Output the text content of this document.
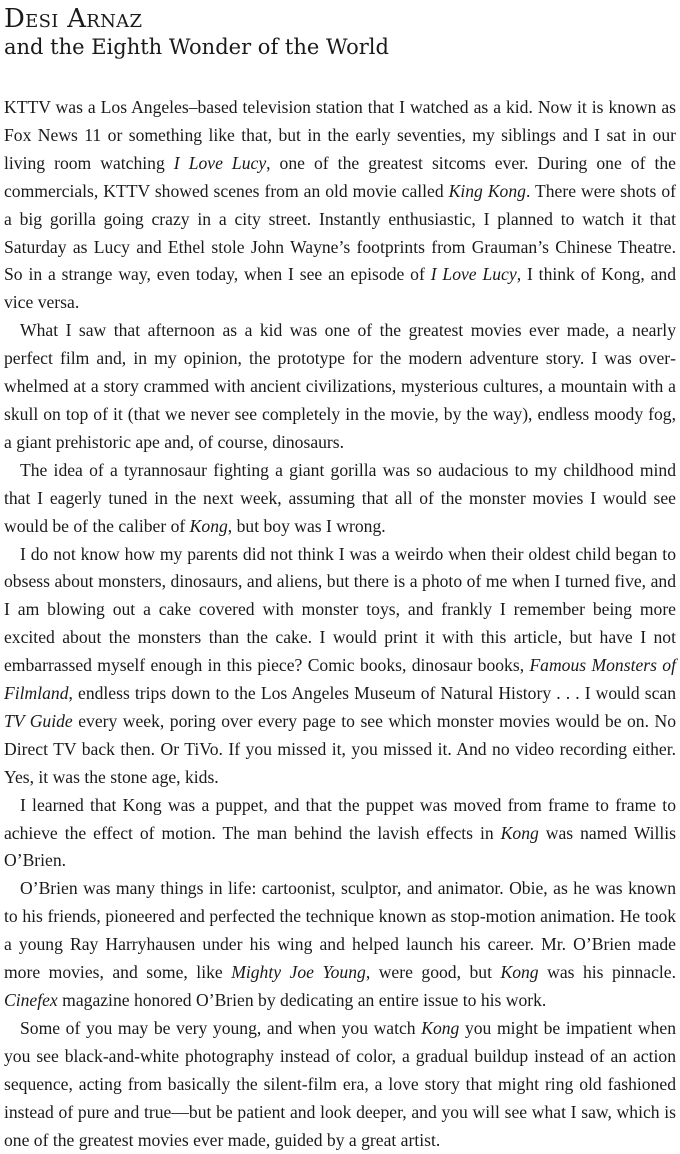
Desi Arnaz
and the Eighth Wonder of the World

KTTV was a Los Angeles–based television station that I watched as a kid. Now it is known as Fox News 11 or something like that, but in the early seventies, my siblings and I sat in our living room watching I Love Lucy, one of the greatest sitcoms ever. During one of the commercials, KTTV showed scenes from an old movie called King Kong. There were shots of a big gorilla going crazy in a city street. Instantly enthusiastic, I planned to watch it that Saturday as Lucy and Ethel stole John Wayne’s footprints from Grauman’s Chinese Theatre. So in a strange way, even today, when I see an episode of I Love Lucy, I think of Kong, and vice versa.

What I saw that afternoon as a kid was one of the greatest movies ever made, a nearly perfect film and, in my opinion, the prototype for the modern adventure story. I was overwhelmed at a story crammed with ancient civilizations, mysterious cultures, a mountain with a skull on top of it (that we never see completely in the movie, by the way), endless moody fog, a giant prehistoric ape and, of course, dinosaurs.

The idea of a tyrannosaur fighting a giant gorilla was so audacious to my childhood mind that I eagerly tuned in the next week, assuming that all of the monster movies I would see would be of the caliber of Kong, but boy was I wrong.

I do not know how my parents did not think I was a weirdo when their oldest child began to obsess about monsters, dinosaurs, and aliens, but there is a photo of me when I turned five, and I am blowing out a cake covered with monster toys, and frankly I remember being more excited about the monsters than the cake. I would print it with this article, but have I not embarrassed myself enough in this piece? Comic books, dinosaur books, Famous Monsters of Filmland, endless trips down to the Los Angeles Museum of Natural History . . . I would scan TV Guide every week, poring over every page to see which monster movies would be on. No Direct TV back then. Or TiVo. If you missed it, you missed it. And no video recording either. Yes, it was the stone age, kids.

I learned that Kong was a puppet, and that the puppet was moved from frame to frame to achieve the effect of motion. The man behind the lavish effects in Kong was named Willis O’Brien.

O’Brien was many things in life: cartoonist, sculptor, and animator. Obie, as he was known to his friends, pioneered and perfected the technique known as stop-motion animation. He took a young Ray Harryhausen under his wing and helped launch his career. Mr. O’Brien made more movies, and some, like Mighty Joe Young, were good, but Kong was his pinnacle. Cinefex magazine honored O’Brien by dedicating an entire issue to his work.

Some of you may be very young, and when you watch Kong you might be impatient when you see black-and-white photography instead of color, a gradual buildup instead of an action sequence, acting from basically the silent-film era, a love story that might ring old fashioned instead of pure and true—but be patient and look deeper, and you will see what I saw, which is one of the greatest movies ever made, guided by a great artist.
